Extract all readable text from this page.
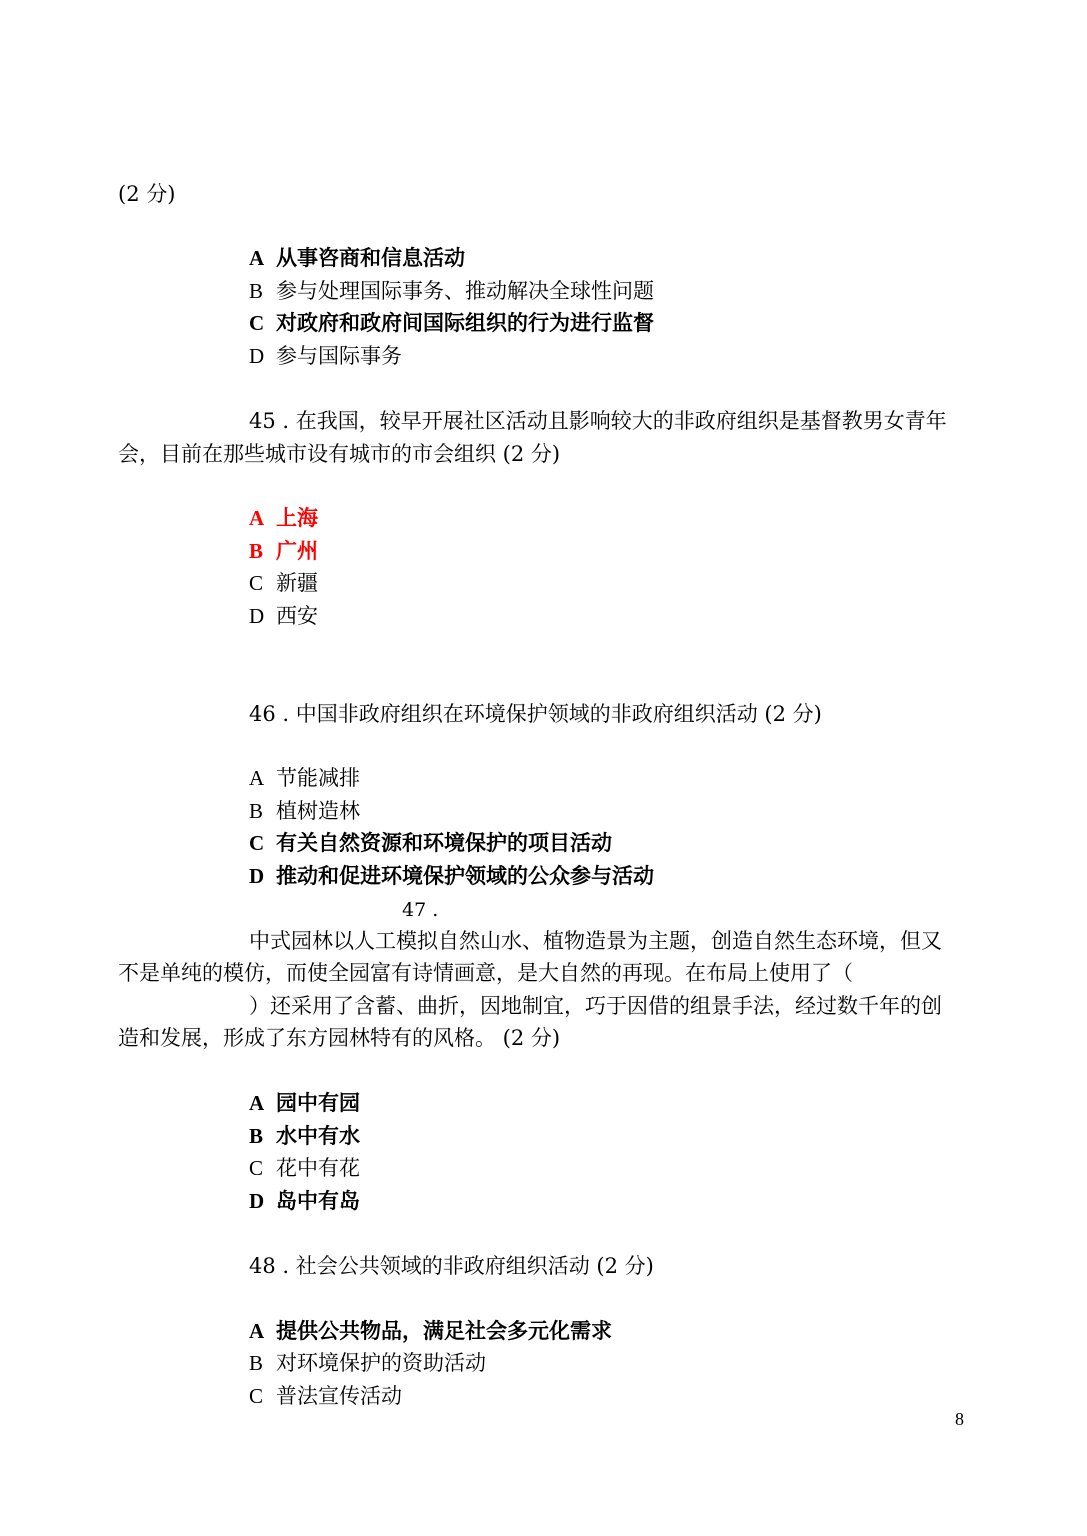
(2 分)
A 从事咨商和信息活动
B 参与处理国际事务、推动解决全球性问题
C 对政府和政府间国际组织的行为进行监督
D 参与国际事务
45 . 在我国，较早开展社区活动且影响较大的非政府组织是基督教男女青年
会，目前在那些城市设有城市的市会组织 (2 分)
A 上海
B 广州
C 新疆
D 西安
46 . 中国非政府组织在环境保护领域的非政府组织活动 (2 分)
A 节能减排
B 植树造林
C 有关自然资源和环境保护的项目活动
D 推动和促进环境保护领域的公众参与活动
47 .
中式园林以人工模拟自然山水、植物造景为主题，创造自然生态环境，但又
不是单纯的模仿，而使全园富有诗情画意，是大自然的再现。在布局上使用了（
）还采用了含蓄、曲折，因地制宜，巧于因借的组景手法，经过数千年的创
造和发展，形成了东方园林特有的风格。 (2 分)
A 园中有园
B 水中有水
C 花中有花
D 岛中有岛
48 . 社会公共领域的非政府组织活动 (2 分)
A 提供公共物品，满足社会多元化需求
B 对环境保护的资助活动
C 普法宣传活动
8
